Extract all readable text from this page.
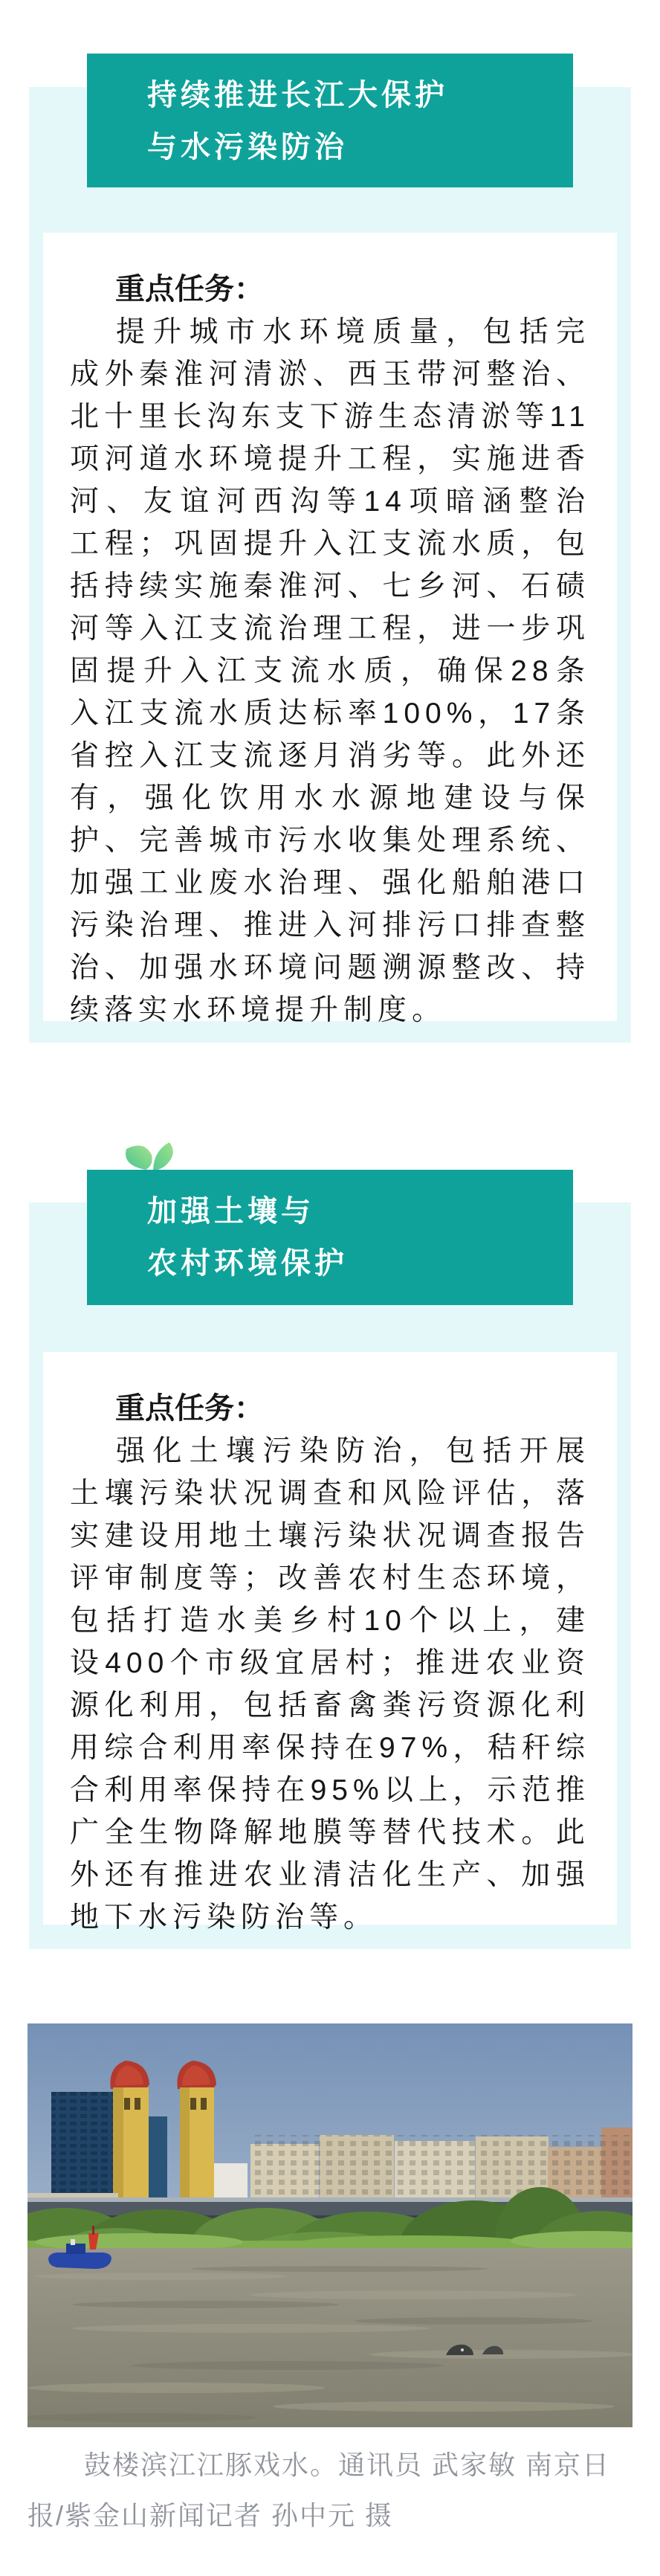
持续推进长江大保护
与水污染防治
重点任务：

提升城市水环境质量，包括完成外秦淮河清淤、西玉带河整治、北十里长沟东支下游生态清淤等11项河道水环境提升工程，实施进香河、友谊河西沟等14项暗涵整治工程；巩固提升入江支流水质，包括持续实施秦淮河、七乡河、石碛河等入江支流治理工程，进一步巩固提升入江支流水质，确保28条入江支流水质达标率100%，17条省控入江支流逐月消劣等。此外还有，强化饮用水水源地建设与保护、完善城市污水收集处理系统、加强工业废水治理、强化船舶港口污染治理、推进入河排污口排查整治、加强水环境问题溯源整改、持续落实水环境提升制度。

加强土壤与
农村环境保护
重点任务：

强化土壤污染防治，包括开展土壤污染状况调查和风险评估，落实建设用地土壤污染状况调查报告评审制度等；改善农村生态环境，包括打造水美乡村10个以上，建设400个市级宜居村；推进农业资源化利用，包括畜禽粪污资源化利用综合利用率保持在97%，秸秆综合利用率保持在95%以上，示范推广全生物降解地膜等替代技术。此外还有推进农业清洁化生产、加强地下水污染防治等。

鼓楼滨江江豚戏水。通讯员 武家敏 南京日
报/紫金山新闻记者 孙中元 摄
